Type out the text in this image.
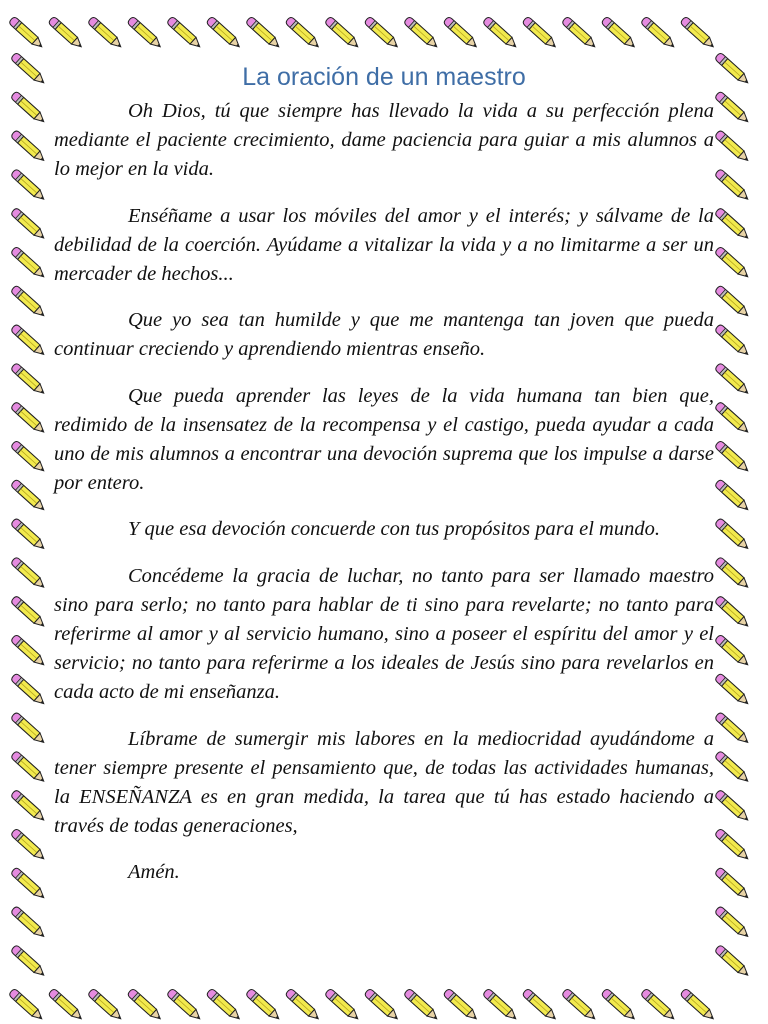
La oración de un maestro

Oh Dios, tú que siempre has llevado la vida a su perfección plena mediante el paciente crecimiento, dame paciencia para guiar a mis alumnos a lo mejor en la vida.

Enséñame a usar los móviles del amor y el interés; y sálvame de la debilidad de la coerción. Ayúdame a vitalizar la vida y a no limitarme a ser un mercader de hechos...

Que yo sea tan humilde y que me mantenga tan joven que pueda continuar creciendo y aprendiendo mientras enseño.

Que pueda aprender las leyes de la vida humana tan bien que, redimido de la insensatez de la recompensa y el castigo, pueda ayudar a cada uno de mis alumnos a encontrar una devoción suprema que los impulse a darse por entero.

Y que esa devoción concuerde con tus propósitos para el mundo.

Concédeme la gracia de luchar, no tanto para ser llamado maestro sino para serlo; no tanto para hablar de ti sino para revelarte; no tanto para referirme al amor y al servicio humano, sino a poseer el espíritu del amor y el servicio; no tanto para referirme a los ideales de Jesús sino para revelarlos en cada acto de mi enseñanza.

Líbrame de sumergir mis labores en la mediocridad ayudándome a tener siempre presente el pensamiento que, de todas las actividades humanas, la ENSEÑANZA es en gran medida, la tarea que tú has estado haciendo a través de todas generaciones,

Amén.
